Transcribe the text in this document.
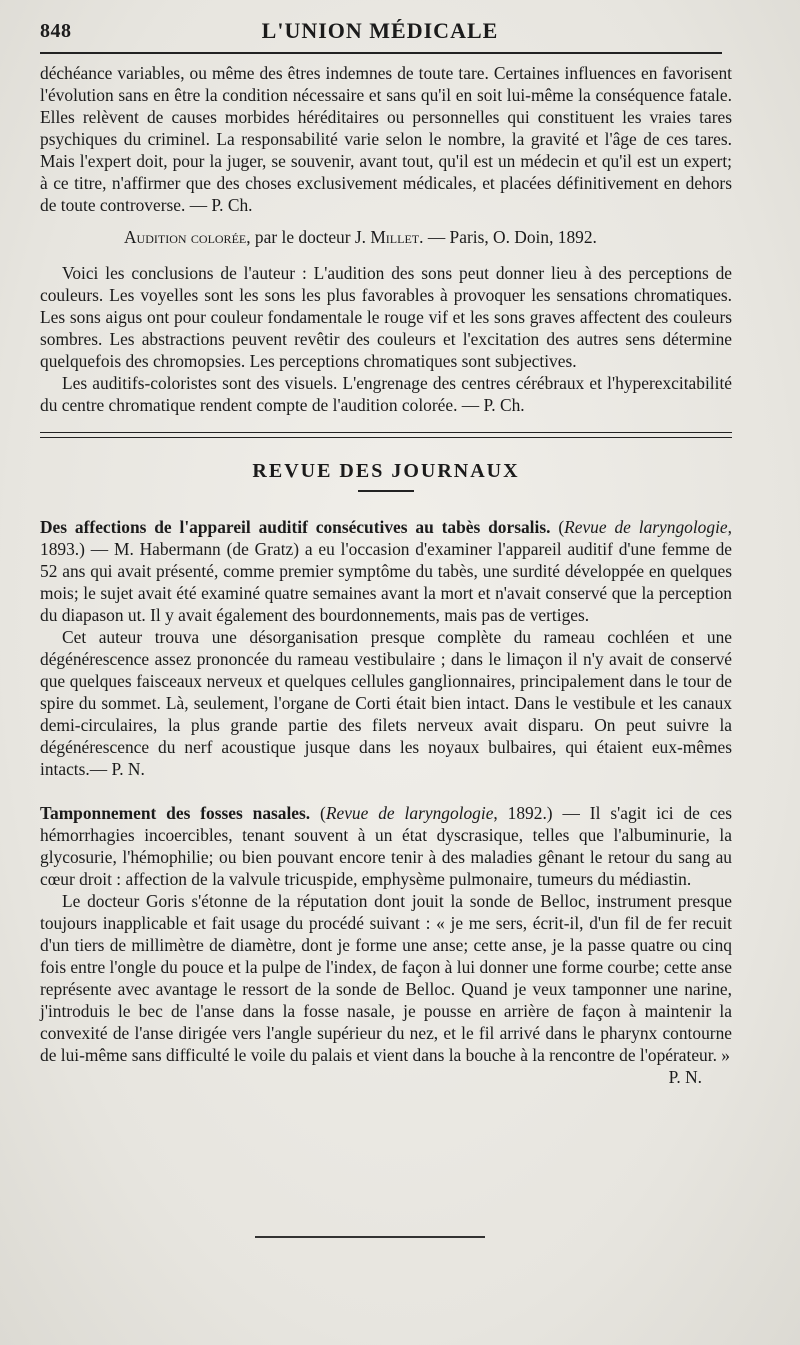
848	L'UNION MÉDICALE

déchéance variables, ou même des êtres indemnes de toute tare. Certaines influences en favorisent l'évolution sans en être la condition nécessaire et sans qu'il en soit lui-même la conséquence fatale. Elles relèvent de causes morbides héréditaires ou personnelles qui constituent les vraies tares psychiques du criminel. La responsabilité varie selon le nombre, la gravité et l'âge de ces tares. Mais l'expert doit, pour la juger, se souvenir, avant tout, qu'il est un médecin et qu'il est un expert; à ce titre, n'affirmer que des choses exclusivement médicales, et placées définitivement en dehors de toute controverse. — P. Ch.

Audition colorée, par le docteur J. Millet. — Paris, O. Doin, 1892.

Voici les conclusions de l'auteur : L'audition des sons peut donner lieu à des perceptions de couleurs. Les voyelles sont les sons les plus favorables à provoquer les sensations chromatiques. Les sons aigus ont pour couleur fondamentale le rouge vif et les sons graves affectent des couleurs sombres. Les abstractions peuvent revêtir des couleurs et l'excitation des autres sens détermine quelquefois des chromopsies. Les perceptions chromatiques sont subjectives.

Les auditifs-coloristes sont des visuels. L'engrenage des centres cérébraux et l'hyperexcitabilité du centre chromatique rendent compte de l'audition colorée. — P. Ch.

REVUE DES JOURNAUX

Des affections de l'appareil auditif consécutives au tabès dorsalis. (Revue de laryngologie, 1893.) — M. Habermann (de Gratz) a eu l'occasion d'examiner l'appareil auditif d'une femme de 52 ans qui avait présenté, comme premier symptôme du tabès, une surdité développée en quelques mois; le sujet avait été examiné quatre semaines avant la mort et n'avait conservé que la perception du diapason ut. Il y avait également des bourdonnements, mais pas de vertiges.

Cet auteur trouva une désorganisation presque complète du rameau cochléen et une dégénérescence assez prononcée du rameau vestibulaire ; dans le limaçon il n'y avait de conservé que quelques faisceaux nerveux et quelques cellules ganglionnaires, principalement dans le tour de spire du sommet. Là, seulement, l'organe de Corti était bien intact. Dans le vestibule et les canaux demi-circulaires, la plus grande partie des filets nerveux avait disparu. On peut suivre la dégénérescence du nerf acoustique jusque dans les noyaux bulbaires, qui étaient eux-mêmes intacts.— P. N.

Tamponnement des fosses nasales. (Revue de laryngologie, 1892.) — Il s'agit ici de ces hémorrhagies incoercibles, tenant souvent à un état dyscrasique, telles que l'albuminurie, la glycosurie, l'hémophilie; ou bien pouvant encore tenir à des maladies gênant le retour du sang au cœur droit : affection de la valvule tricuspide, emphysème pulmonaire, tumeurs du médiastin.

Le docteur Goris s'étonne de la réputation dont jouit la sonde de Belloc, instrument presque toujours inapplicable et fait usage du procédé suivant : « je me sers, écrit-il, d'un fil de fer recuit d'un tiers de millimètre de diamètre, dont je forme une anse; cette anse, je la passe quatre ou cinq fois entre l'ongle du pouce et la pulpe de l'index, de façon à lui donner une forme courbe; cette anse représente avec avantage le ressort de la sonde de Belloc. Quand je veux tamponner une narine, j'introduis le bec de l'anse dans la fosse nasale, je pousse en arrière de façon à maintenir la convexité de l'anse dirigée vers l'angle supérieur du nez, et le fil arrivé dans le pharynx contourne de lui-même sans difficulté le voile du palais et vient dans la bouche à la rencontre de l'opérateur. »

P. N.
